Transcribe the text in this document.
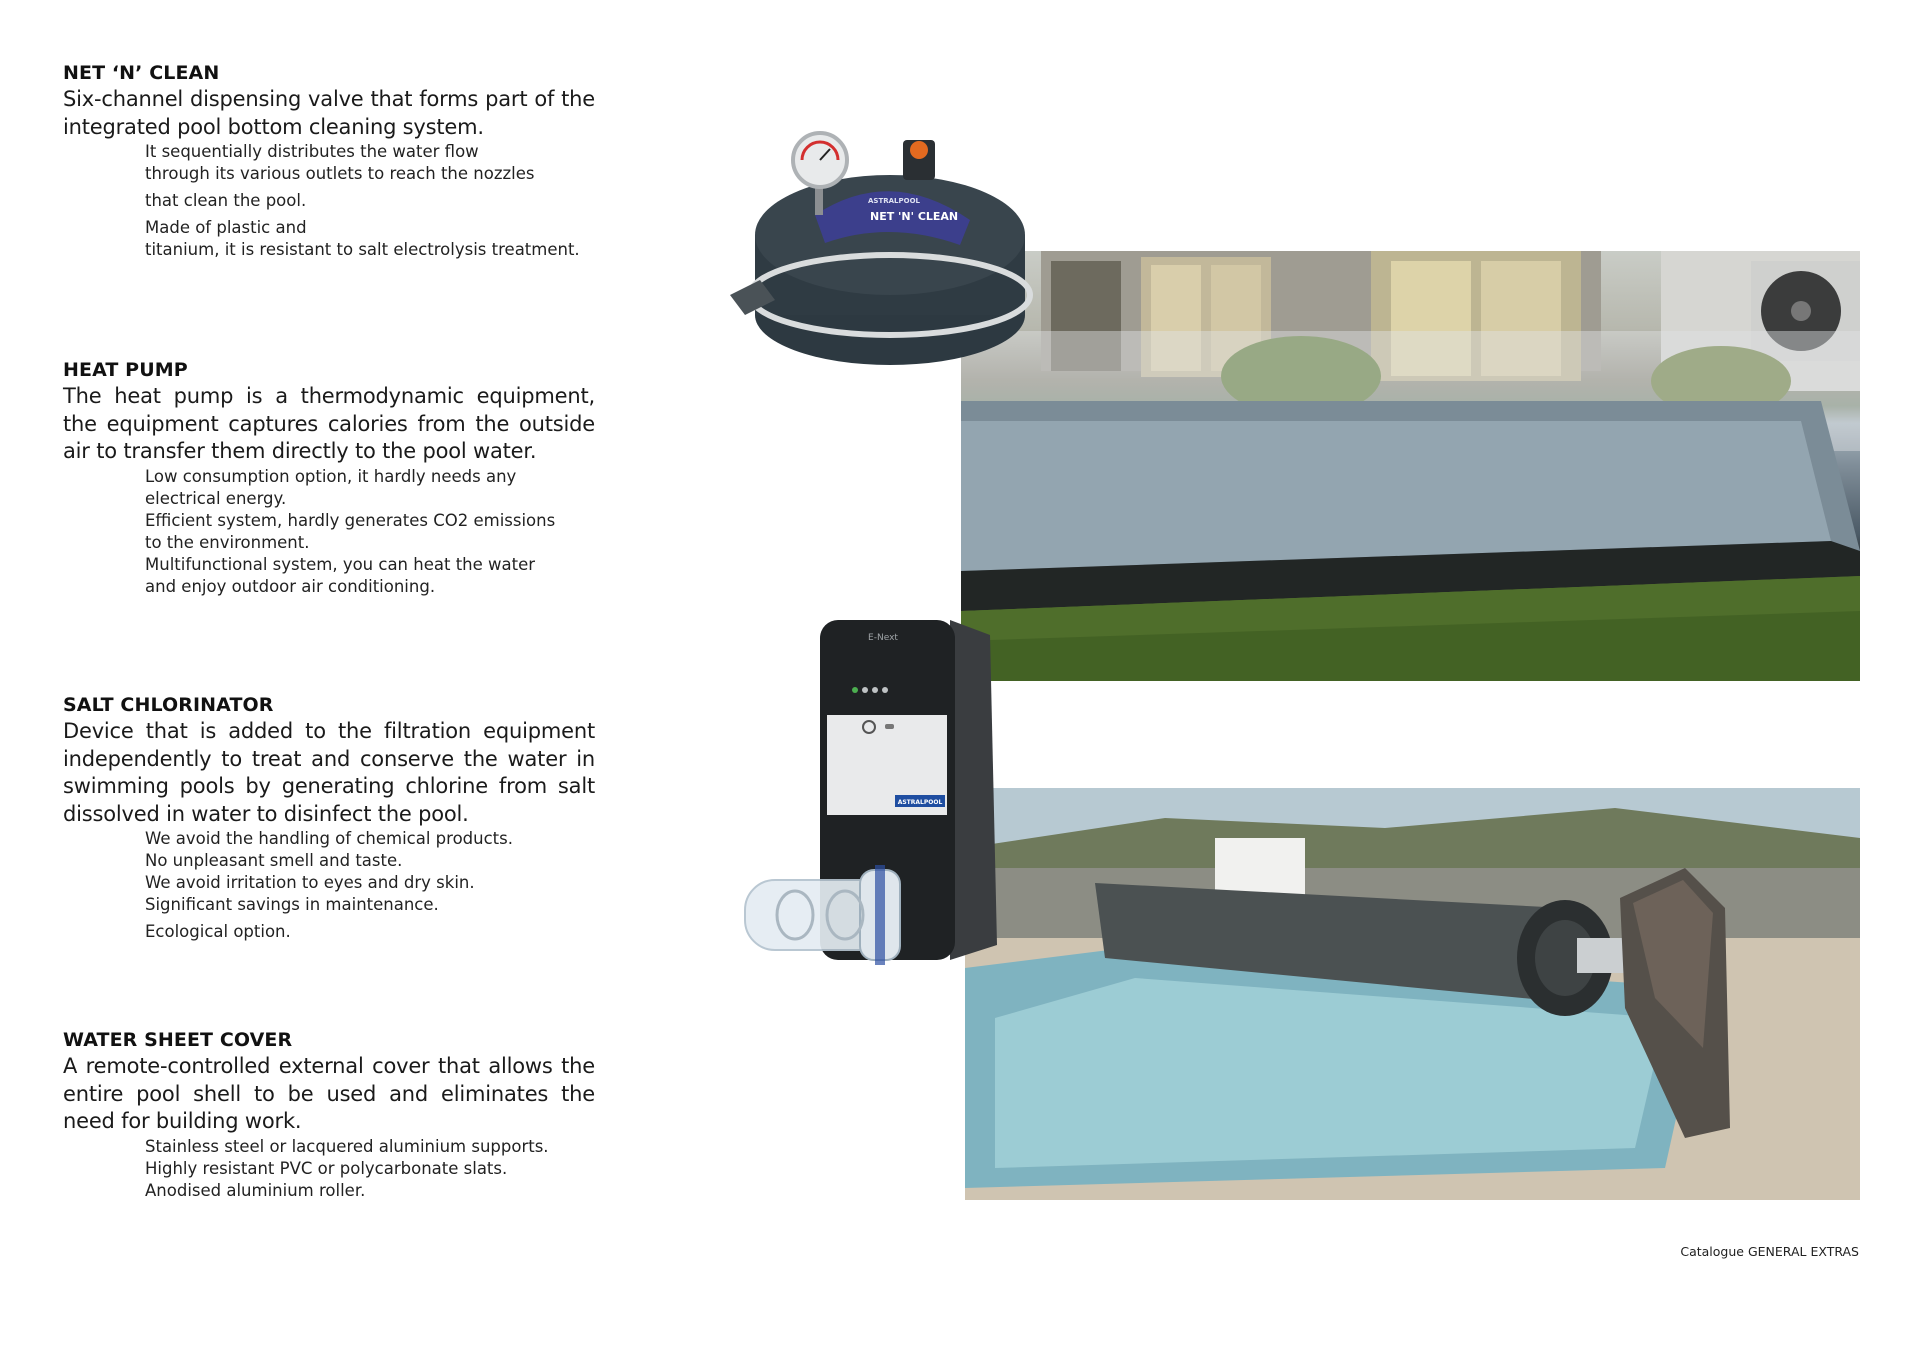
NET ‘N’ CLEAN

Six-channel dispensing valve that forms part of the integrated pool bottom cleaning system.

It sequentially distributes the water flow
through its various outlets to reach the nozzles
that clean the pool.
Made of plastic and
titanium, it is resistant to salt electrolysis treatment.
HEAT PUMP

The heat pump is a thermodynamic equipment, the equipment captures calories from the outside air to transfer them directly to the pool water.

Low consumption option, it hardly needs any
electrical energy.
Efficient system, hardly generates CO2 emissions
to the environment.
Multifunctional system, you can heat the water
and enjoy outdoor air conditioning.
SALT CHLORINATOR

Device that is added to the filtration equipment independently to treat and conserve the water in swimming pools by generating chlorine from salt dissolved in water to disinfect the pool.

We avoid the handling of chemical products.
No unpleasant smell and taste.
We avoid irritation to eyes and dry skin.
Significant savings in maintenance.
Ecological option.
WATER SHEET COVER

A remote-controlled external cover that allows the entire pool shell to be used and eliminates the need for building work.

Stainless steel or lacquered aluminium supports.
Highly resistant PVC or polycarbonate slats.
Anodised aluminium roller.
ASTRALPOOL
NET 'N' CLEAN
E-Next
ASTRALPOOL
Catalogue GENERAL EXTRAS
